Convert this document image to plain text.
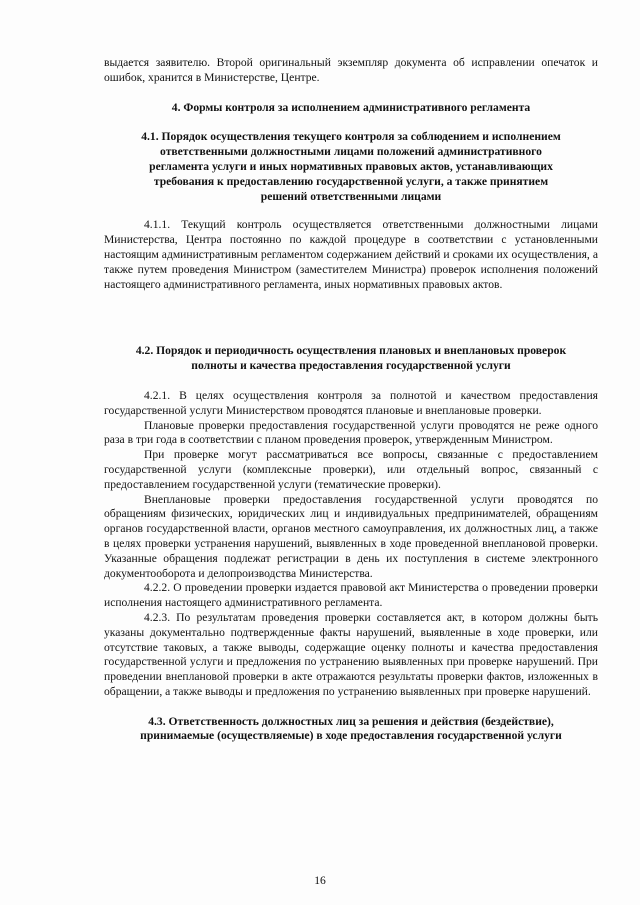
выдается заявителю. Второй оригинальный экземпляр документа об исправлении опечаток и ошибок, хранится в Министерстве, Центре.

4. Формы контроля за исполнением административного регламента
4.1. Порядок осуществления текущего контроля за соблюдением и исполнением ответственными должностными лицами положений административного регламента услуги и иных нормативных правовых актов, устанавливающих требования к предоставлению государственной услуги, а также принятием решений ответственными лицами

4.1.1. Текущий контроль осуществляется ответственными должностными лицами Министерства, Центра постоянно по каждой процедуре в соответствии с установленными настоящим административным регламентом содержанием действий и сроками их осуществления, а также путем проведения Министром (заместителем Министра) проверок исполнения положений настоящего административного регламента, иных нормативных правовых актов.

4.2. Порядок и периодичность осуществления плановых и внеплановых проверок полноты и качества предоставления государственной услуги

4.2.1. В целях осуществления контроля за полнотой и качеством предоставления государственной услуги Министерством проводятся плановые и внеплановые проверки.

Плановые проверки предоставления государственной услуги проводятся не реже одного раза в три года в соответствии с планом проведения проверок, утвержденным Министром.

При проверке могут рассматриваться все вопросы, связанные с предоставлением государственной услуги (комплексные проверки), или отдельный вопрос, связанный с предоставлением государственной услуги (тематические проверки).

Внеплановые проверки предоставления государственной услуги проводятся по обращениям физических, юридических лиц и индивидуальных предпринимателей, обращениям органов государственной власти, органов местного самоуправления, их должностных лиц, а также в целях проверки устранения нарушений, выявленных в ходе проведенной внеплановой проверки. Указанные обращения подлежат регистрации в день их поступления в системе электронного документооборота и делопроизводства Министерства.

4.2.2. О проведении проверки издается правовой акт Министерства о проведении проверки исполнения настоящего административного регламента.

4.2.3. По результатам проведения проверки составляется акт, в котором должны быть указаны документально подтвержденные факты нарушений, выявленные в ходе проверки, или отсутствие таковых, а также выводы, содержащие оценку полноты и качества предоставления государственной услуги и предложения по устранению выявленных при проверке нарушений. При проведении внеплановой проверки в акте отражаются результаты проверки фактов, изложенных в обращении, а также выводы и предложения по устранению выявленных при проверке нарушений.

4.3. Ответственность должностных лиц за решения и действия (бездействие), принимаемые (осуществляемые) в ходе предоставления государственной услуги
16
